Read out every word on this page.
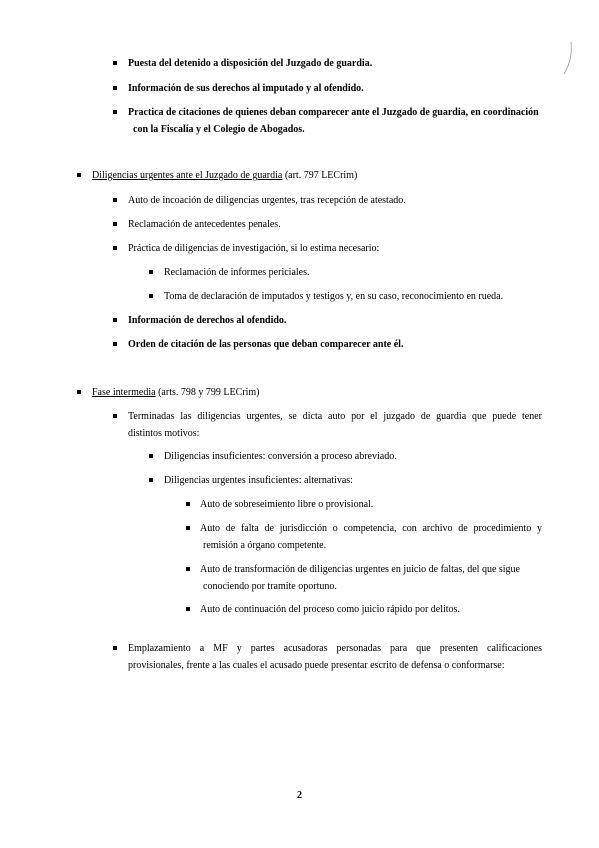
Puesta del detenido a disposición del Juzgado de guardia.
Información de sus derechos al imputado y al ofendido.
Practica de citaciones de quienes deban comparecer ante el Juzgado de guardia, en coordinación
con la Fiscalía y el Colegio de Abogados.
Diligencias urgentes ante el Juzgado de guardia (art. 797 LECrim)
Auto de incoación de diligencias urgentes, tras recepción de atestado.
Reclamación de antecedentes penales.
Práctica de diligencias de investigación, si lo estima necesario:
Reclamación de informes periciales.
Toma de declaración de imputados y testigos y, en su caso, reconocimiento en rueda.
Información de derechos al ofendido.
Orden de citación de las personas que deban comparecer ante él.
Fase intermedia (arts. 798 y 799 LECrim)
Terminadas las diligencias urgentes, se dicta auto por el juzgado de guardia que puede tener
distintos motivos:
Diligencias insuficientes: conversión a proceso abreviado.
Diligencias urgentes insuficientes: alternativas:
Auto de sobreseimiento libre o provisional.
Auto de falta de jurisdicción o competencia, con archivo de procedimiento y
remisión a órgano competente.
Auto de transformación de diligencias urgentes en juicio de faltas, del que sigue
conociendo por tramite oportuno.
Auto de continuación del proceso como juicio rápido por delitos.
Emplazamiento a MF y partes acusadoras personadas para que presenten calificaciones
provisionales, frente a las cuales el acusado puede presentar escrito de defensa o conformarse:
2
